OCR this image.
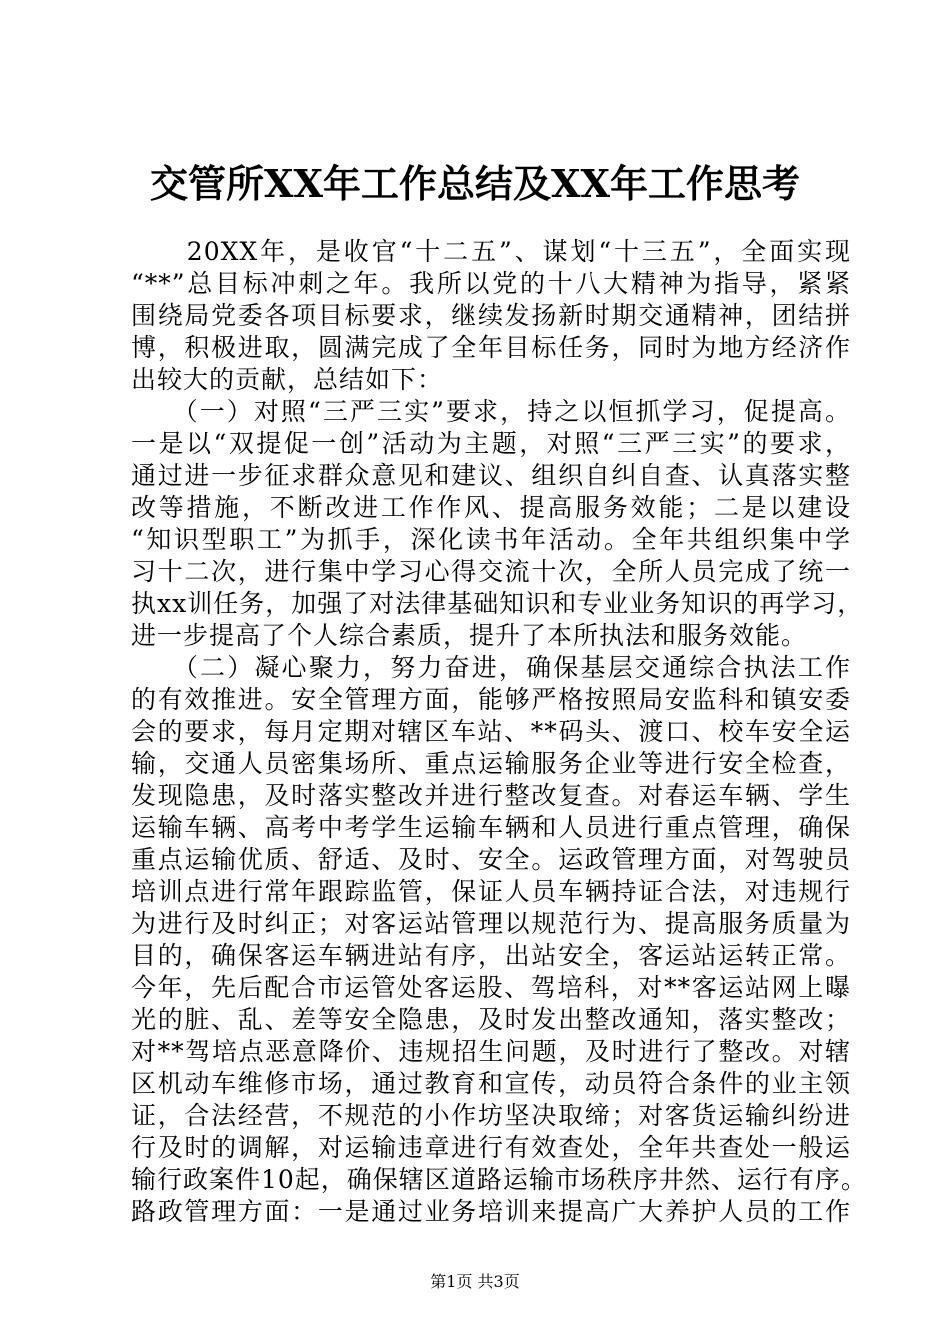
交管所XX年工作总结及XX年工作思考
　　20XX年，是收官“十二五”、谋划“十三五”，全面实现
“**”总目标冲刺之年。我所以党的十八大精神为指导，紧紧
围绕局党委各项目标要求，继续发扬新时期交通精神，团结拼
博，积极进取，圆满完成了全年目标任务，同时为地方经济作
出较大的贡献，总结如下：
　　（一）对照“三严三实”要求，持之以恒抓学习，促提高。
一是以“双提促一创”活动为主题，对照“三严三实”的要求，
通过进一步征求群众意见和建议、组织自纠自查、认真落实整
改等措施，不断改进工作作风、提高服务效能；二是以建设
“知识型职工”为抓手，深化读书年活动。全年共组织集中学
习十二次，进行集中学习心得交流十次，全所人员完成了统一
执xx训任务，加强了对法律基础知识和专业业务知识的再学习，
进一步提高了个人综合素质，提升了本所执法和服务效能。
　　（二）凝心聚力，努力奋进，确保基层交通综合执法工作
的有效推进。安全管理方面，能够严格按照局安监科和镇安委
会的要求，每月定期对辖区车站、**码头、渡口、校车安全运
输，交通人员密集场所、重点运输服务企业等进行安全检查，
发现隐患，及时落实整改并进行整改复查。对春运车辆、学生
运输车辆、高考中考学生运输车辆和人员进行重点管理，确保
重点运输优质、舒适、及时、安全。运政管理方面，对驾驶员
培训点进行常年跟踪监管，保证人员车辆持证合法，对违规行
为进行及时纠正；对客运站管理以规范行为、提高服务质量为
目的，确保客运车辆进站有序，出站安全，客运站运转正常。
今年，先后配合市运管处客运股、驾培科，对**客运站网上曝
光的脏、乱、差等安全隐患，及时发出整改通知，落实整改；
对**驾培点恶意降价、违规招生问题，及时进行了整改。对辖
区机动车维修市场，通过教育和宣传，动员符合条件的业主领
证，合法经营，不规范的小作坊坚决取缔；对客货运输纠纷进
行及时的调解，对运输违章进行有效查处，全年共查处一般运
输行政案件10起，确保辖区道路运输市场秩序井然、运行有序。
路政管理方面：一是通过业务培训来提高广大养护人员的工作
第1页 共3页
